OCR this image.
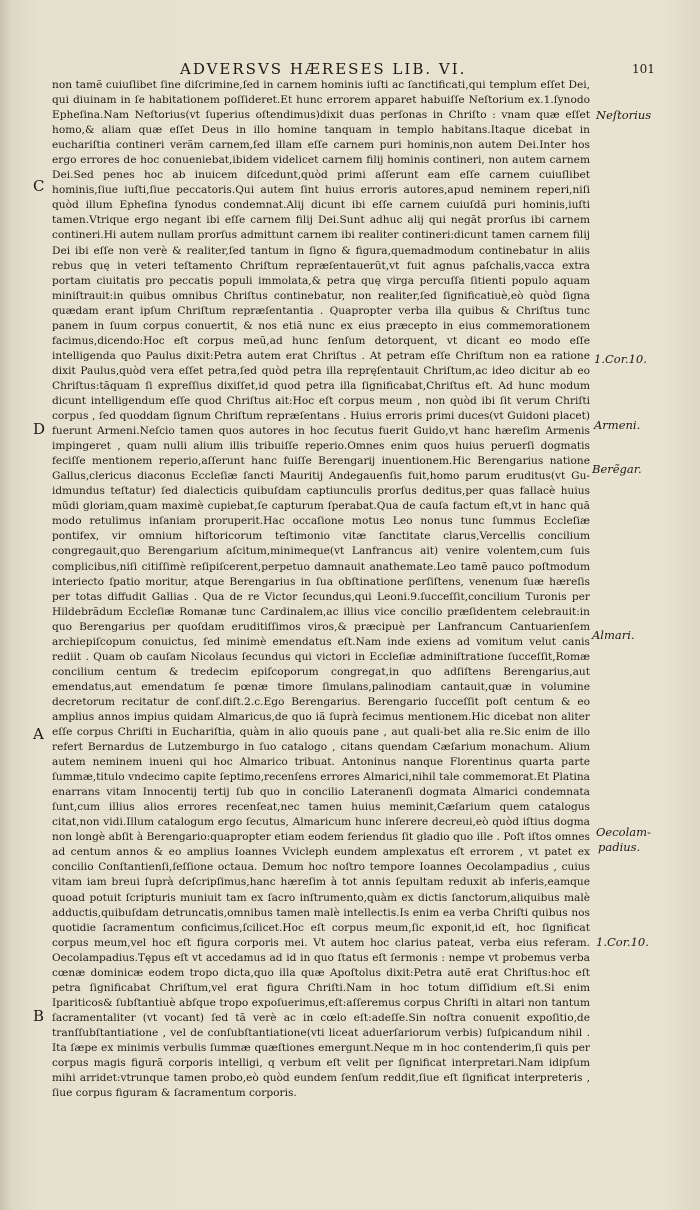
ADVERSVS HÆRESES LIB. VI.	101

non tamẽ cuiuſlibet ſine diſcrimine,ſed in carnem hominis iuſti ac ſanctificati,qui templum eſſet Dei, qui diuinam in ſe habitationem poſſideret.Et hunc errorem apparet habuiſſe Neſtorium ex.1.ſynodo Epheſina.Nam Neſtorius(vt ſuperius oſtendimus)dixit duas perſonas in Chriſto : vnam quæ eſſet homo,& aliam quæ eſſet Deus in illo homine tanquam in templo habitans.Itaque dicebat in euchariſtia contineri verãm carnem,ſed illam eſſe carnem puri hominis,non autem Dei.Inter hos ergo errores de hoc conueniebat,ibidem videlicet carnem filij hominis contineri, non autem carnem Dei.Sed penes hoc ab inuicem diſcedunt,quòd primi aſſerunt eam eſſe carnem cuiuſlibet hominis,ſiue iuſti,ſiue peccatoris.Qui autem ſint huius erroris autores,apud neminem reperi,niſi quòd illum Epheſina ſynodus condemnat.Alij dicunt ibi eſſe carnem cuiuſdã puri hominis,iuſti tamen.Vtrique ergo negant ibi eſſe carnem filij Dei.Sunt adhuc alij qui negãt prorſus ibi carnem contineri.Hi autem nullam prorſus admittunt carnem ibi realiter contineri:dicunt tamen carnem filij Dei ibi eſſe non verè & realiter,ſed tantum in ſigno & figura,quemadmodum continebatur in aliis rebus quę in veteri teſtamento Chriſtum repræſentauerũt,vt fuit agnus paſchalis,vacca extra portam ciuitatis pro peccatis populi immolata,& petra quę virga percuſſa ſitienti populo aquam miniſtrauit:in quibus omnibus Chriſtus continebatur, non realiter,ſed ſignificatiuè,eò quòd ſigna quædam erant ipſum Chriſtum repræſentantia . Quapropter verba illa quibus & Chriſtus tunc panem in ſuum corpus conuertit, & nos etiã nunc ex eius præcepto in eius commemorationem facimus,dicendo:Hoc eſt corpus meũ,ad hunc ſenſum detorquent, vt dicant eo modo eſſe intelligenda quo Paulus dixit:Petra autem erat Chriſtus . At petram eſſe Chriſtum non ea ratione dixit Paulus,quòd vera eſſet petra,ſed quòd petra illa repręſentauit Chriſtum,ac ideo dicitur ab eo Chriſtus:tãquam ſi expreſſius dixiſſet,id quod petra illa ſignificabat,Chriſtus eſt. Ad hunc modum dicunt intelligendum eſſe quod Chriſtus ait:Hoc eſt corpus meum , non quòd ibi ſit verum Chriſti corpus , ſed quoddam ſignum Chriſtum repræſentans . Huius erroris primi duces(vt Guidoni placet) fuerunt Armeni.Neſcio tamen quos autores in hoc ſecutus fuerit Guido,vt hanc hæreſim Armenis impingeret , quam nulli alium illis tribuiſſe reperio.Omnes enim quos huius peruerſi dogmatis feciſſe mentionem reperio,aſſerunt hanc fuiſſe Berengarij inuentionem.Hic Berengarius natione Gallus,clericus diaconus Eccleſiæ ſancti Mauritij Andegauenſis fuit,homo parum eruditus(vt Gu-idmundus teſtatur) ſed dialecticis quibuſdam captiunculis prorſus deditus,per quas fallacè huius mũdi gloriam,quam maximè cupiebat,ſe capturum ſperabat.Qua de cauſa factum eſt,vt in hanc quã modo retulimus inſaniam proruperit.Hac occaſione motus Leo nonus tunc ſummus Eccleſiæ pontifex, vir omnium hiſtoricorum teſtimonio vitæ ſanctitate clarus,Vercellis concilium congregauit,quo Berengarium aſcitum,minimeque(vt Lanfrancus ait) venire volentem,cum ſuis complicibus,niſi citiſſimè reſipiſcerent,perpetuo damnauit anathemate.Leo tamẽ pauco poſtmodum interiecto ſpatio moritur, atque Berengarius in ſua obſtinatione perſiſtens, venenum ſuæ hæreſis per totas diffudit Gallias . Qua de re Victor ſecundus,qui Leoni.9.ſucceſſit,concilium Turonis per Hildebrãdum Eccleſiæ Romanæ tunc Cardinalem,ac illius vice concilio præſidentem celebrauit:in quo Berengarius per quoſdam eruditiſſimos viros,& præcipuè per Lanfrancum Cantuarienſem archiepiſcopum conuictus, ſed minimè emendatus eſt.Nam inde exiens ad vomitum velut canis rediit . Quam ob cauſam Nicolaus ſecundus qui victori in Eccleſiæ adminiſtratione ſucceſſit,Romæ concilium centum & tredecim epiſcoporum congregat,in quo adſiſtens Berengarius,aut emendatus,aut emendatum ſe pœnæ timore ſimulans,palinodiam cantauit,quæ in volumine decretorum recitatur de conſ.diſt.2.c.Ego Berengarius. Berengario ſucceſſit poſt centum & eo amplius annos impius quidam Almaricus,de quo iã ſuprà fecimus mentionem.Hic dicebat non aliter eſſe corpus Chriſti in Euchariſtia, quàm in alio quouis pane , aut quali-bet alia re.Sic enim de illo refert Bernardus de Lutzemburgo in ſuo catalogo , citans quendam Cæſarium monachum. Alium autem neminem inueni qui hoc Almarico tribuat. Antoninus nanque Florentinus quarta parte ſummæ,titulo vndecimo capite ſeptimo,recenſens errores Almarici,nihil tale commemorat.Et Platina enarrans vitam Innocentij tertij ſub quo in concilio Lateranenſi dogmata Almarici condemnata ſunt,cum illius alios errores recenſeat,nec tamen huius meminit,Cæſarium quem catalogus citat,non vidi.Illum catalogum ergo ſecutus, Almaricum hunc inſerere decreui,eò quòd iſtius dogma non longè abſit à Berengario:quapropter etiam eodem feriendus ſit gladio quo ille . Poſt iſtos omnes ad centum annos & eo amplius Ioannes Vvicleph eundem amplexatus eſt errorem , vt patet ex concilio Conſtantienſi,ſeſſione octaua. Demum hoc noſtro tempore Ioannes Oecolampadius , cuius vitam iam breui ſuprà deſcripſimus,hanc hæreſim à tot annis ſepultam reduxit ab inferis,eamque quoad potuit ſcripturis muniuit tam ex ſacro inſtrumento,quàm ex dictis ſanctorum,aliquibus malè adductis,quibuſdam detruncatis,omnibus tamen malè intellectis.Is enim ea verba Chriſti quibus nos quotidie ſacramentum conficimus,ſcilicet.Hoc eſt corpus meum,ſic exponit,id eſt, hoc ſignificat corpus meum,vel hoc eſt figura corporis mei. Vt autem hoc clarius pateat, verba eius referam. Oecolampadius.Tępus eſt vt accedamus ad id in quo ſtatus eſt ſermonis : nempe vt probemus verba cœnæ dominicæ eodem tropo dicta,quo illa quæ Apoſtolus dixit:Petra autẽ erat Chriſtus:hoc eſt petra ſignificabat Chriſtum,vel erat figura Chriſti.Nam in hoc totum diſſidium eſt.Si enim Ipariticos& ſubſtantiuè abſque tropo expoſuerimus,eſt:aſſeremus corpus Chriſti in altari non tantum ſacramentaliter (vt vocant) ſed tã verè ac in cœlo eſt:adeſſe.Sin noſtra conuenit expoſitio,de tranſſubſtantiatione , vel de conſubſtantiatione(vti liceat aduerſariorum verbis) ſuſpicandum nihil . Ita ſæpe ex minimis verbulis ſummæ quæſtiones emergunt.Neque m in hoc contenderim,ſi quis per corpus magis figurã corporis intelligi, q verbum eſt velit per ſignificat interpretari.Nam idipſum mihi arridet:vtrunque tamen probo,eò quòd eundem ſenſum reddit,ſiue eſt ſignificat interpreteris , ſiue corpus figuram & ſacramentum corporis.

Neſtorius
1.Cor.10.
Armeni.
Berẽgar.
Almari.
Oecolam-
padius.
1.Cor.10.
C
D
A
B
